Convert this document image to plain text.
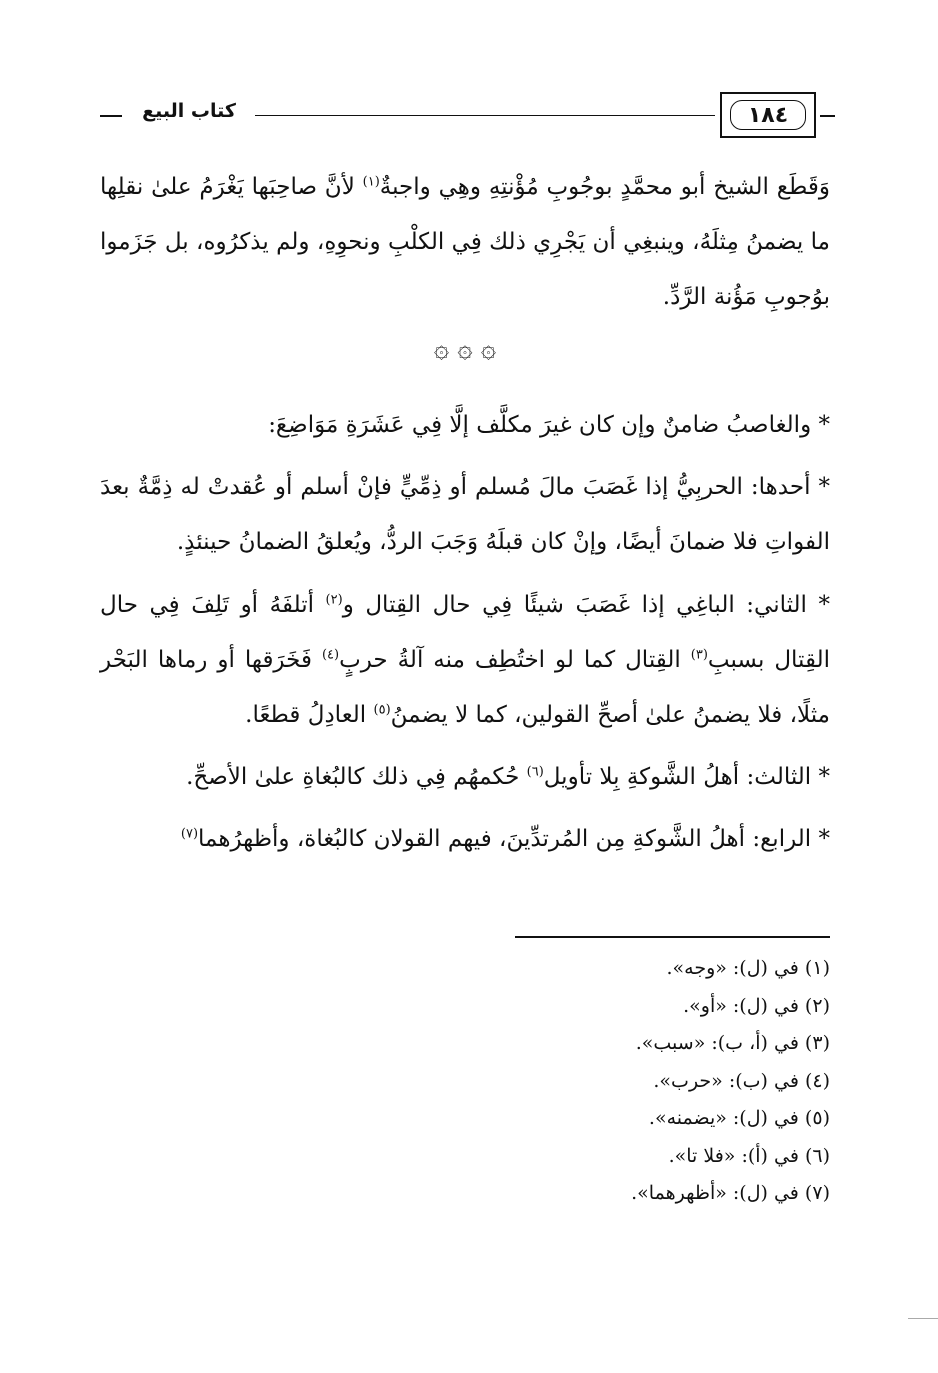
١٨٤
كتاب البيع

وَقَطَع الشيخ أبو محمَّدٍ بوجُوبِ مُؤْنتِهِ وهِي واجبةٌ$^{(١)}$ لأنَّ صاحِبَها يَغْرَمُ علىٰ نقلِها ما يضمنُ مِثلَهُ، وينبغِي أن يَجْرِي ذلك فِي الكلْبِ ونحوِهِ، ولم يذكرُوه، بل جَزَموا بوُجوبِ مَؤُنة الرَّدِّ.

۞ ۞ ۞

* والغاصبُ ضامنٌ وإن كان غيرَ مكلَّف إلَّا فِي عَشَرَةِ مَوَاضِعَ:

* أحدها: الحربِيُّ إذا غَصَبَ مالَ مُسلم أو ذِمِّيٍّ فإنْ أسلم أو عُقدتْ له ذِمَّةٌ بعدَ الفواتِ فلا ضمانَ أيضًا، وإنْ كان قبلَهُ وَجَبَ الردُّ، ويُعلقُ الضمانُ حينئذٍ.

* الثاني: الباغِي إذا غَصَبَ شيئًا فِي حال القِتال و$^{(٢)}$ أتلفَهُ أو تَلِفَ فِي حال القِتال بسببِ$^{(٣)}$ القِتال كما لو اختُطِف منه آلةُ حربٍ$^{(٤)}$ فَخَرَقها أو رماها البَحْر مثلًا، فلا يضمنُ علىٰ أصحِّ القولين، كما لا يضمنُ$^{(٥)}$ العادِلُ قطعًا.

* الثالث: أهلُ الشَّوكةِ بِلا تأويل$^{(٦)}$ حُكمهُم فِي ذلك كالبُغاةِ علىٰ الأصحِّ.

* الرابع: أهلُ الشَّوكةِ مِن المُرتدِّينَ، فيهم القولان كالبُغاة، وأظهرُهما$^{(٧)}$

(١) في (ل): «وجه».
(٢) في (ل): «أو».
(٣) في (أ، ب): «سبب».
(٤) في (ب): «حرب».
(٥) في (ل): «يضمنه».
(٦) في (أ): «فلا تا».
(٧) في (ل): «أظهرهما».
